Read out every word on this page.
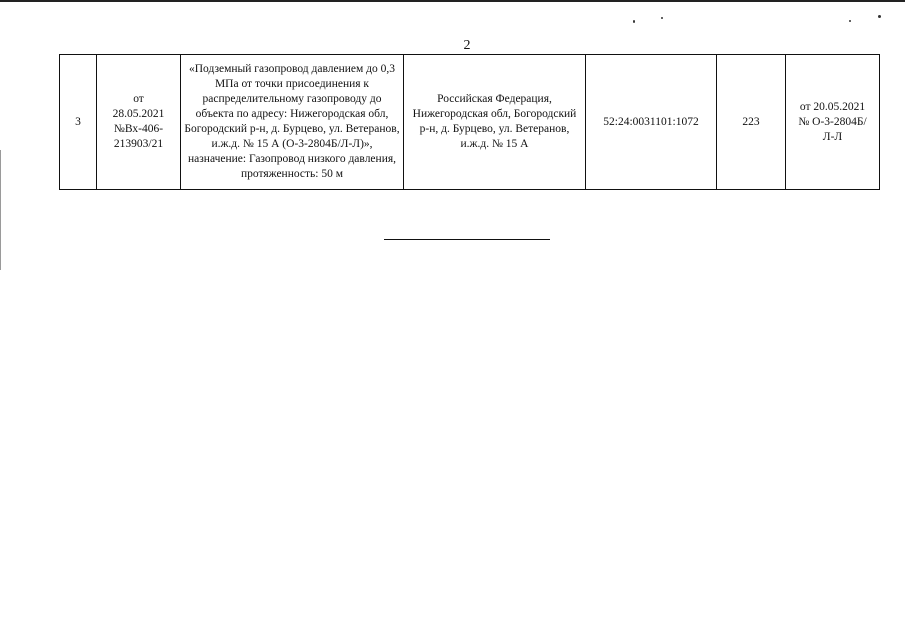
2
3	от 28.05.2021 №Вх-406-213903/21	«Подземный газопровод давлением до 0,3 МПа от точки присоединения к распределительному газопроводу до объекта по адресу: Нижегородская обл, Богородский р-н, д. Бурцево, ул. Ветеранов, и.ж.д. № 15 А (О-3-2804Б/Л-Л)», назначение: Газопровод низкого давления, протяженность: 50 м	Российская Федерация, Нижегородская обл, Богородский р-н, д. Бурцево, ул. Ветеранов, и.ж.д. № 15 А	52:24:0031101:1072	223	от 20.05.2021 № О-3-2804Б/Л-Л
